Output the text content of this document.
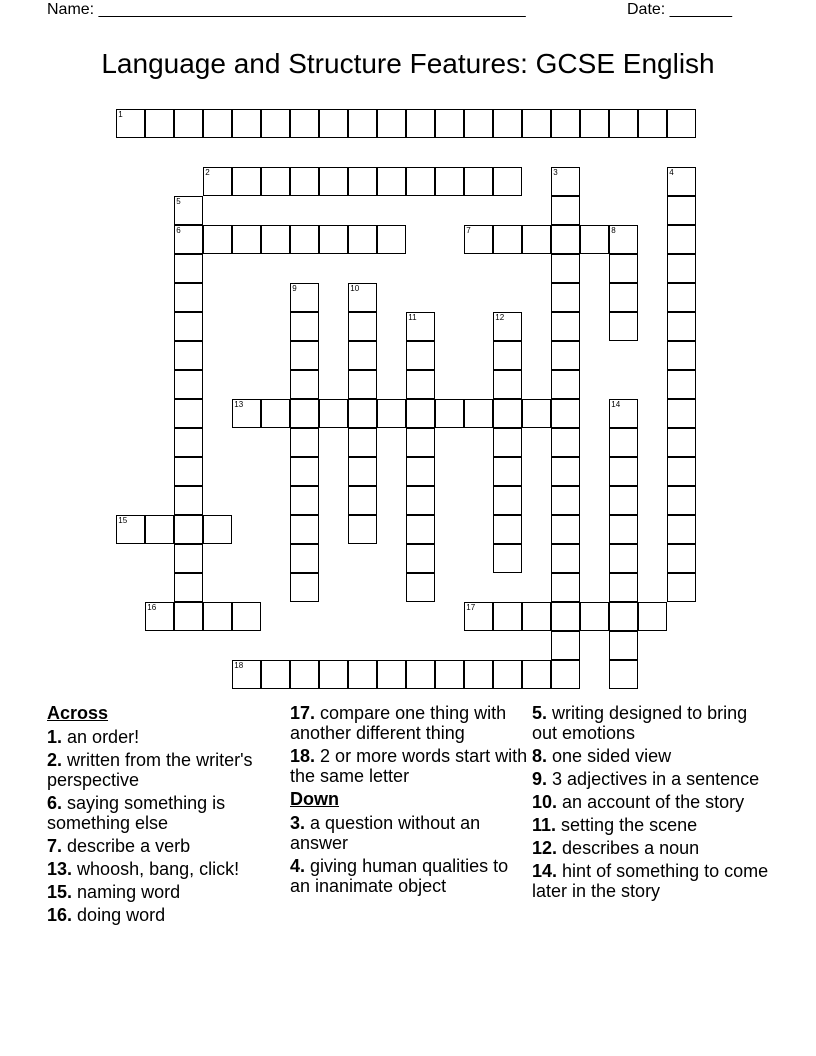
Name: ________________________________________________	Date: _______
Language and Structure Features: GCSE English
1
2	3	4
5
6	7	8
9	10
11	12
13	14
15
16	17
18
Across
1. an order!
2. written from the writer's perspective
6. saying something is something else
7. describe a verb
13. whoosh, bang, click!
15. naming word
16. doing word
17. compare one thing with another different thing
18. 2 or more words start with the same letter
Down
3. a question without an answer
4. giving human qualities to an inanimate object
5. writing designed to bring out emotions
8. one sided view
9. 3 adjectives in a sentence
10. an account of the story
11. setting the scene
12. describes a noun
14. hint of something to come later in the story
